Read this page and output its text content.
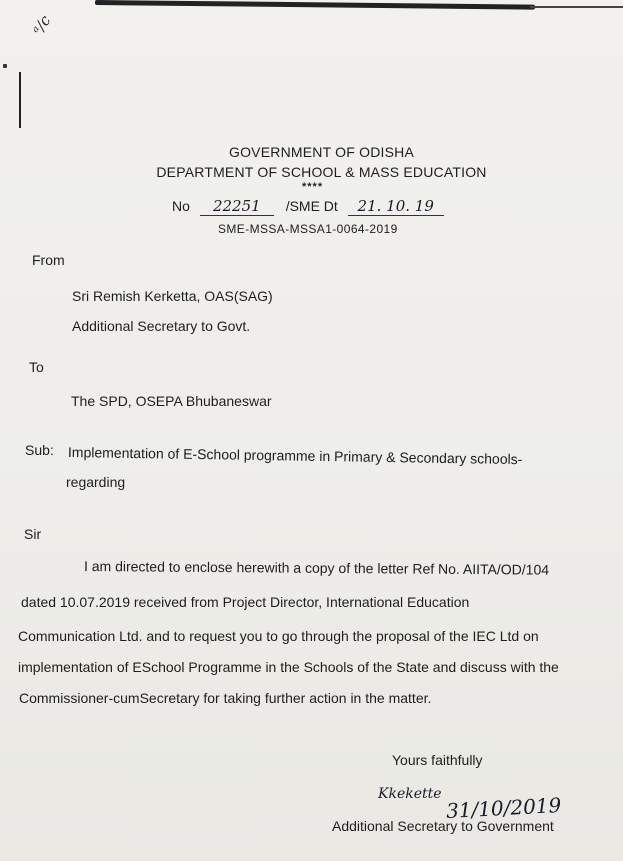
ᵃ/c
GOVERNMENT OF ODISHA
DEPARTMENT OF SCHOOL & MASS EDUCATION
****
No 22251 /SME Dt 21. 10. 19
SME-MSSA-MSSA1-0064-2019
From
Sri Remish Kerketta, OAS(SAG)
Additional Secretary to Govt.
To
The SPD, OSEPA Bhubaneswar
Sub: Implementation of E-School programme in Primary & Secondary schools-
regarding
Sir
I am directed to enclose herewith a copy of the letter Ref No. AIITA/OD/104
dated 10.07.2019 received from Project Director, International Education
Communication Ltd. and to request you to go through the proposal of the IEC Ltd on
implementation of ESchool Programme in the Schools of the State and discuss with the
Commissioner-cumSecretary for taking further action in the matter.
Yours faithfully
Kkekette 31/10/2019
Additional Secretary to Government
